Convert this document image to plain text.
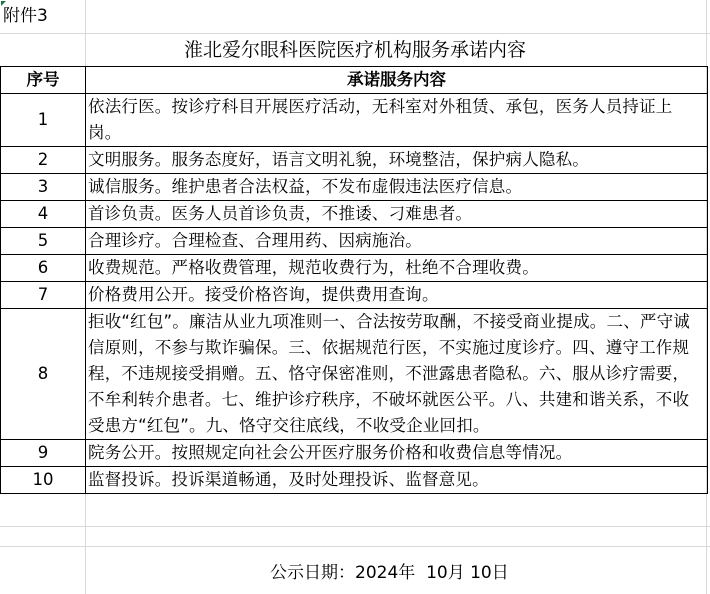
附件3
淮北爱尔眼科医院医疗机构服务承诺内容
序号	承诺服务内容
1	依法行医。按诊疗科目开展医疗活动，无科室对外租赁、承包，医务人员持证上岗。
2	文明服务。服务态度好，语言文明礼貌，环境整洁，保护病人隐私。
3	诚信服务。维护患者合法权益，不发布虚假违法医疗信息。
4	首诊负责。医务人员首诊负责，不推诿、刁难患者。
5	合理诊疗。合理检查、合理用药、因病施治。
6	收费规范。严格收费管理，规范收费行为，杜绝不合理收费。
7	价格费用公开。接受价格咨询，提供费用查询。
8	拒收“红包”。廉洁从业九项准则一、合法按劳取酬，不接受商业提成。二、严守诚信原则，不参与欺诈骗保。三、依据规范行医，不实施过度诊疗。四、遵守工作规程，不违规接受捐赠。五、恪守保密准则，不泄露患者隐私。六、服从诊疗需要，不牟利转介患者。七、维护诊疗秩序，不破坏就医公平。八、共建和谐关系，不收受患方“红包”。九、恪守交往底线，不收受企业回扣。
9	院务公开。按照规定向社会公开医疗服务价格和收费信息等情况。
10	监督投诉。投诉渠道畅通，及时处理投诉、监督意见。
公示日期：2024年  10月 10日
